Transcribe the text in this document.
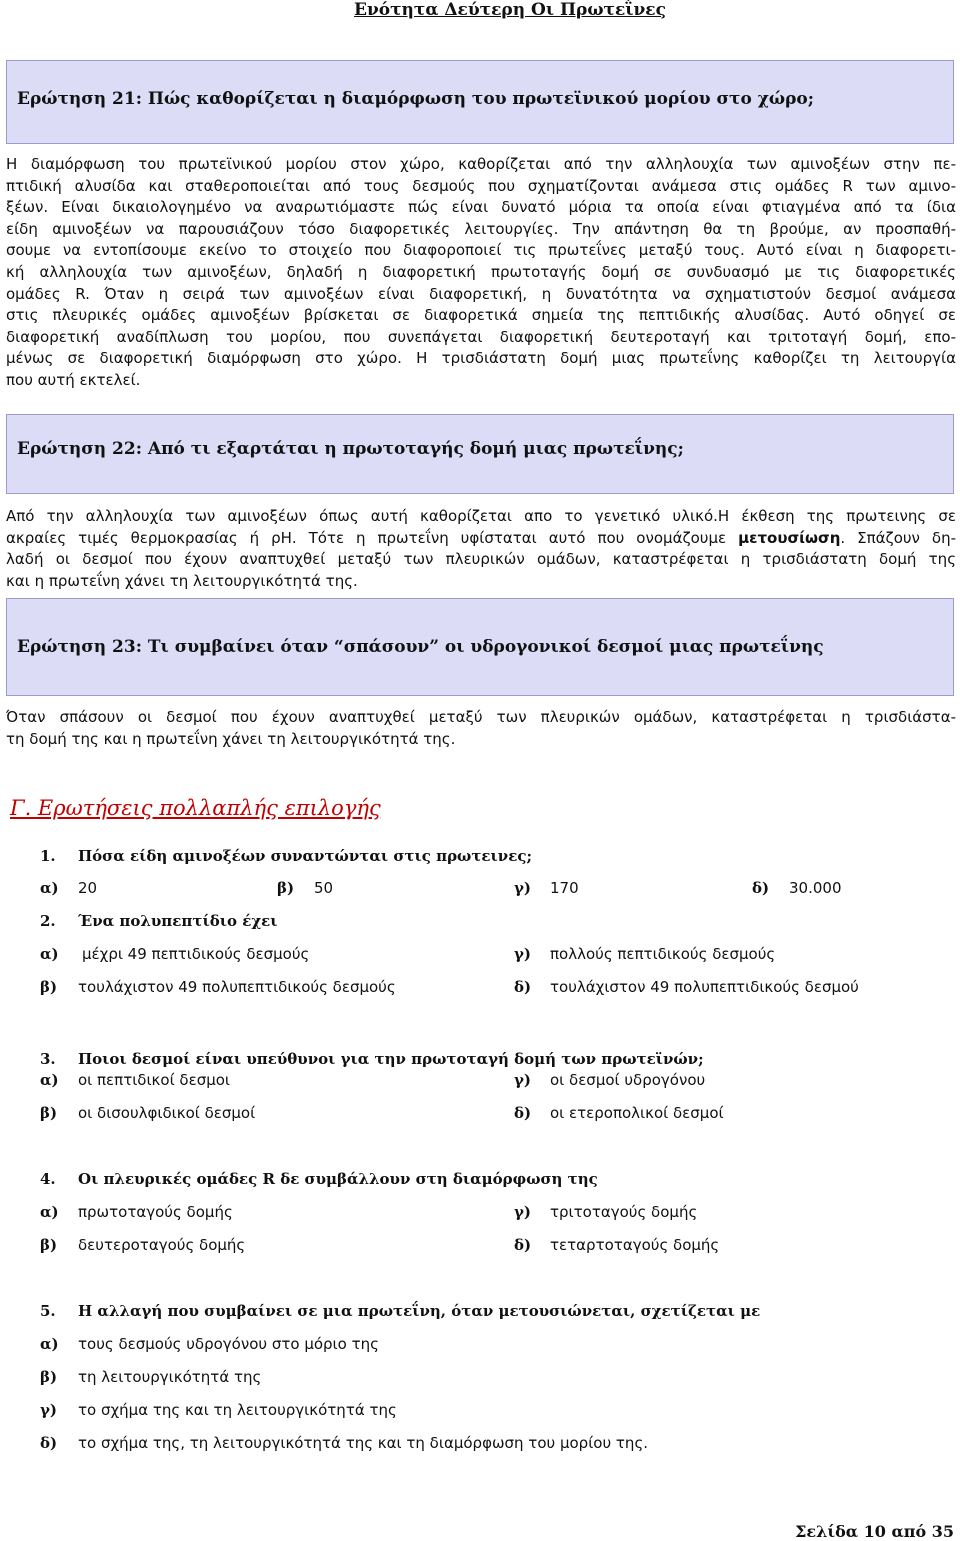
Ενότητα Δεύτερη Οι Πρωτεΐνες
Ερώτηση 21: Πώς καθορίζεται η διαμόρφωση του πρωτεϊνικού μορίου στο χώρο;
Η διαμόρφωση του πρωτεϊνικού μορίου στον χώρο, καθορίζεται από την αλληλουχία των αμινοξέων στην πε-
πτιδική αλυσίδα και σταθεροποιείται από τους δεσμούς που σχηματίζονται ανάμεσα στις ομάδες R των αμινο-
ξέων. Είναι δικαιολογημένο να αναρωτιόμαστε πώς είναι δυνατό μόρια τα οποία είναι φτιαγμένα από τα ίδια
είδη αμινοξέων να παρουσιάζουν τόσο διαφορετικές λειτουργίες. Την απάντηση θα τη βρούμε, αν προσπαθή-
σουμε να εντοπίσουμε εκείνο το στοιχείο που διαφοροποιεί τις πρωτεΐνες μεταξύ τους. Αυτό είναι η διαφορετι-
κή αλληλουχία των αμινοξέων, δηλαδή η διαφορετική πρωτοταγής δομή σε συνδυασμό με τις διαφορετικές
ομάδες R. Όταν η σειρά των αμινοξέων είναι διαφορετική, η δυνατότητα να σχηματιστούν δεσμοί ανάμεσα
στις πλευρικές ομάδες αμινοξέων βρίσκεται σε διαφορετικά σημεία της πεπτιδικής αλυσίδας. Αυτό οδηγεί σε
διαφορετική αναδίπλωση του μορίου, που συνεπάγεται διαφορετική δευτεροταγή και τριτοταγή δομή, επο-
μένως σε διαφορετική διαμόρφωση στο χώρο. Η τρισδιάστατη δομή μιας πρωτεΐνης καθορίζει τη λειτουργία
που αυτή εκτελεί.
Ερώτηση 22: Από τι εξαρτάται η πρωτοταγής δομή μιας πρωτεΐνης;
Από την αλληλουχία των αμινοξέων όπως αυτή καθορίζεται απο το γενετικό υλικό.Η έκθεση της πρωτεινης σε
ακραίες τιμές θερμοκρασίας ή ρΗ. Τότε η πρωτεΐνη υφίσταται αυτό που ονομάζουμε μετουσίωση. Σπάζουν δη-
λαδή οι δεσμοί που έχουν αναπτυχθεί μεταξύ των πλευρικών ομάδων, καταστρέφεται η τρισδιάστατη δομή της
και η πρωτεΐνη χάνει τη λειτουργικότητά της.
Ερώτηση 23: Τι συμβαίνει όταν “σπάσουν” οι υδρογονικοί δεσμοί μιας πρωτεΐνης
Όταν σπάσουν οι δεσμοί που έχουν αναπτυχθεί μεταξύ των πλευρικών ομάδων, καταστρέφεται η τρισδιάστα-
τη δομή της και η πρωτεΐνη χάνει τη λειτουργικότητά της.
Γ. Ερωτήσεις πολλαπλής επιλογής
1. Πόσα είδη αμινοξέων συναντώνται στις πρωτεινες;
α) 20	β) 50	γ) 170	δ) 30.000
2. Ένα πολυπεπτίδιο έχει
α) μέχρι 49 πεπτιδικούς δεσμούς	γ) πολλούς πεπτιδικούς δεσμούς
β) τουλάχιστον 49 πολυπεπτιδικούς δεσμούς	δ) τουλάχιστον 49 πολυπεπτιδικούς δεσμού
3. Ποιοι δεσμοί είναι υπεύθυνοι για την πρωτοταγή δομή των πρωτεϊνών;
α) οι πεπτιδικοί δεσμοι	γ) οι δεσμοί υδρογόνου
β) οι δισουλφιδικοί δεσμοί	δ) οι ετεροπολικοί δεσμοί
4. Οι πλευρικές ομάδες R δε συμβάλλουν στη διαμόρφωση της
α) πρωτοταγούς δομής	γ) τριτοταγούς δομής
β) δευτεροταγούς δομής	δ) τεταρτοταγούς δομής
5. Η αλλαγή που συμβαίνει σε μια πρωτεΐνη, όταν μετουσιώνεται, σχετίζεται με
α) τους δεσμούς υδρογόνου στο μόριο της
β) τη λειτουργικότητά της
γ) το σχήμα της και τη λειτουργικότητά της
δ) το σχήμα της, τη λειτουργικότητά της και τη διαμόρφωση του μορίου της.
Σελίδα 10 από 35
